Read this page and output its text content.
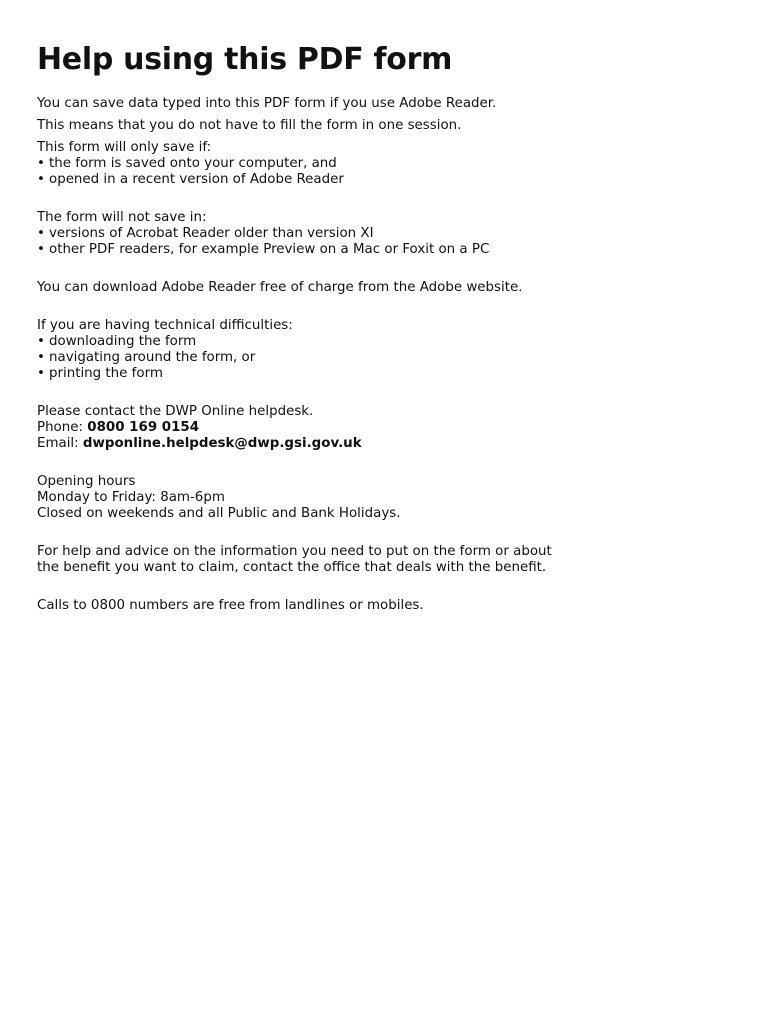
Help using this PDF form

You can save data typed into this PDF form if you use Adobe Reader.

This means that you do not have to fill the form in one session.

This form will only save if:

• the form is saved onto your computer, and
• opened in a recent version of Adobe Reader

The form will not save in:

• versions of Acrobat Reader older than version XI
• other PDF readers, for example Preview on a Mac or Foxit on a PC

You can download Adobe Reader free of charge from the Adobe website.

If you are having technical difficulties:

• downloading the form
• navigating around the form, or
• printing the form

Please contact the DWP Online helpdesk.

Phone: 0800 169 0154

Email: dwponline.helpdesk@dwp.gsi.gov.uk

Opening hours

Monday to Friday: 8am-6pm

Closed on weekends and all Public and Bank Holidays.

For help and advice on the information you need to put on the form or about

the benefit you want to claim, contact the office that deals with the benefit.

Calls to 0800 numbers are free from landlines or mobiles.
